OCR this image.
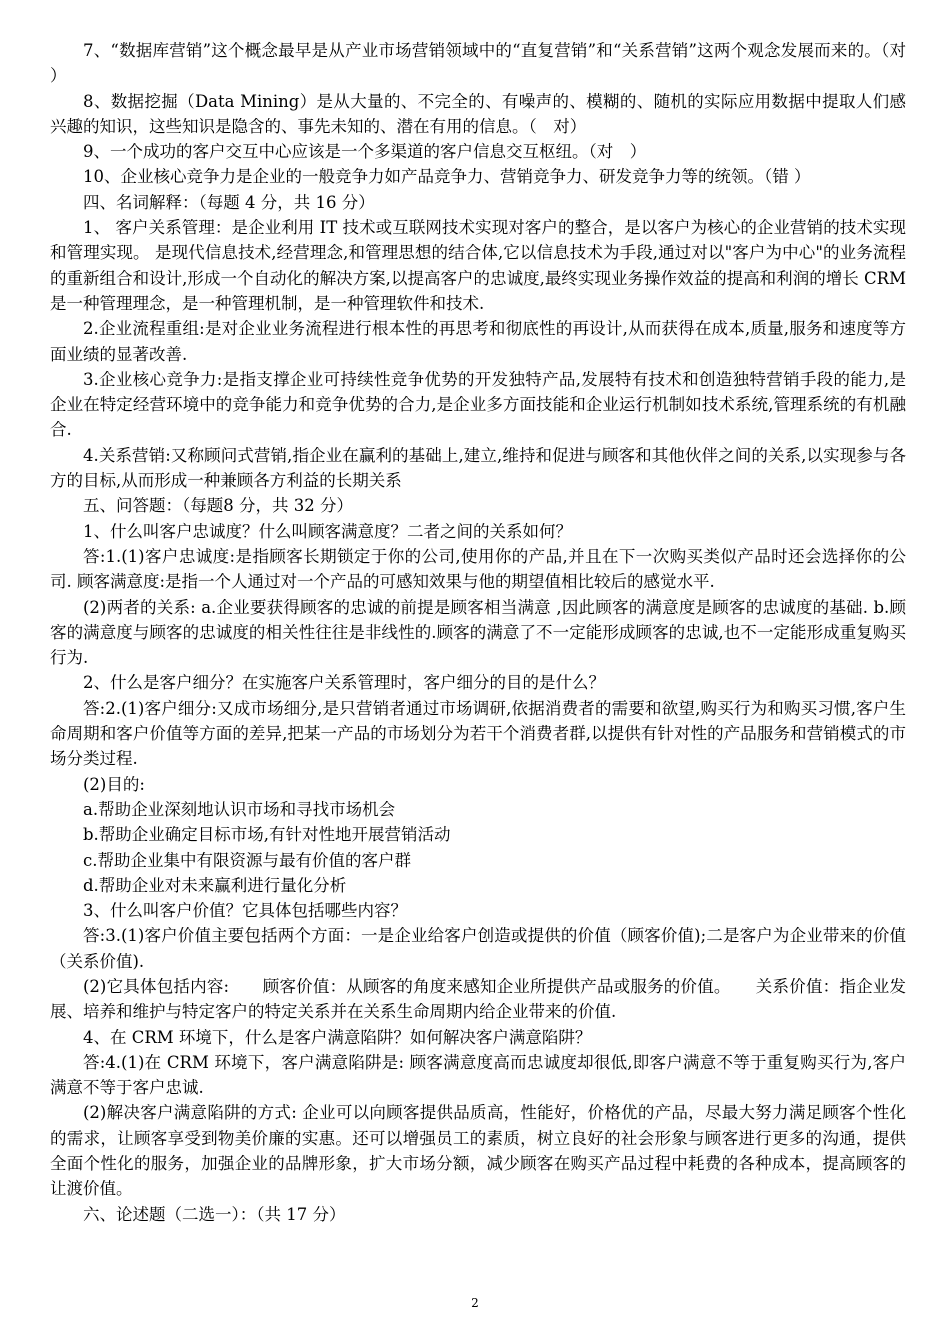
7、“数据库营销”这个概念最早是从产业市场营销领域中的“直复营销”和“关系营销”这两个观念发展而来的。（对 ）

8、数据挖掘（Data Mining）是从大量的、不完全的、有噪声的、模糊的、随机的实际应用数据中提取人们感兴趣的知识，这些知识是隐含的、事先未知的、潜在有用的信息。（　对）

9、一个成功的客户交互中心应该是一个多渠道的客户信息交互枢纽。（对　）

10、企业核心竞争力是企业的一般竞争力如产品竞争力、营销竞争力、研发竞争力等的统领。（错 ）

四、名词解释：（每题 4 分，共 16 分）

1、 客户关系管理：是企业利用 IT 技术或互联网技术实现对客户的整合，是以客户为核心的企业营销的技术实现和管理实现。 是现代信息技术,经营理念,和管理思想的结合体,它以信息技术为手段,通过对以"客户为中心"的业务流程的重新组合和设计,形成一个自动化的解决方案,以提高客户的忠诚度,最终实现业务操作效益的提高和利润的增长 CRM 是一种管理理念，是一种管理机制，是一种管理软件和技术.

2.企业流程重组:是对企业业务流程进行根本性的再思考和彻底性的再设计,从而获得在成本,质量,服务和速度等方面业绩的显著改善.

3.企业核心竞争力:是指支撑企业可持续性竞争优势的开发独特产品,发展特有技术和创造独特营销手段的能力,是企业在特定经营环境中的竞争能力和竞争优势的合力,是企业多方面技能和企业运行机制如技术系统,管理系统的有机融合.

4.关系营销:又称顾问式营销,指企业在赢利的基础上,建立,维持和促进与顾客和其他伙伴之间的关系,以实现参与各方的目标,从而形成一种兼顾各方利益的长期关系

五、问答题：（每题8 分，共 32 分）

1、什么叫客户忠诚度？什么叫顾客满意度？二者之间的关系如何？

答:1.(1)客户忠诚度:是指顾客长期锁定于你的公司,使用你的产品,并且在下一次购买类似产品时还会选择你的公司. 顾客满意度:是指一个人通过对一个产品的可感知效果与他的期望值相比较后的感觉水平.

(2)两者的关系: a.企业要获得顾客的忠诚的前提是顾客相当满意 ,因此顾客的满意度是顾客的忠诚度的基础. b.顾客的满意度与顾客的忠诚度的相关性往往是非线性的.顾客的满意了不一定能形成顾客的忠诚,也不一定能形成重复购买行为.

2、什么是客户细分？在实施客户关系管理时，客户细分的目的是什么？

答:2.(1)客户细分:又成市场细分,是只营销者通过市场调研,依据消费者的需要和欲望,购买行为和购买习惯,客户生命周期和客户价值等方面的差异,把某一产品的市场划分为若干个消费者群,以提供有针对性的产品服务和营销模式的市场分类过程.

(2)目的:

a.帮助企业深刻地认识市场和寻找市场机会

b.帮助企业确定目标市场,有针对性地开展营销活动

c.帮助企业集中有限资源与最有价值的客户群

d.帮助企业对未来赢利进行量化分析

3、什么叫客户价值？它具体包括哪些内容？

答:3.(1)客户价值主要包括两个方面：一是企业给客户创造或提供的价值（顾客价值);二是客户为企业带来的价值（关系价值).

(2)它具体包括内容:　　顾客价值：从顾客的角度来感知企业所提供产品或服务的价值。　　关系价值：指企业发展、培养和维护与特定客户的特定关系并在关系生命周期内给企业带来的价值.

4、在 CRM 环境下，什么是客户满意陷阱？如何解决客户满意陷阱？

答:4.(1)在 CRM 环境下，客户满意陷阱是: 顾客满意度高而忠诚度却很低,即客户满意不等于重复购买行为,客户满意不等于客户忠诚.

(2)解决客户满意陷阱的方式: 企业可以向顾客提供品质高，性能好，价格优的产品，尽最大努力满足顾客个性化的需求，让顾客享受到物美价廉的实惠。还可以增强员工的素质，树立良好的社会形象与顾客进行更多的沟通，提供全面个性化的服务，加强企业的品牌形象，扩大市场分额，减少顾客在购买产品过程中耗费的各种成本，提高顾客的让渡价值。

六、论述题（二选一）：（共 17 分）

2
